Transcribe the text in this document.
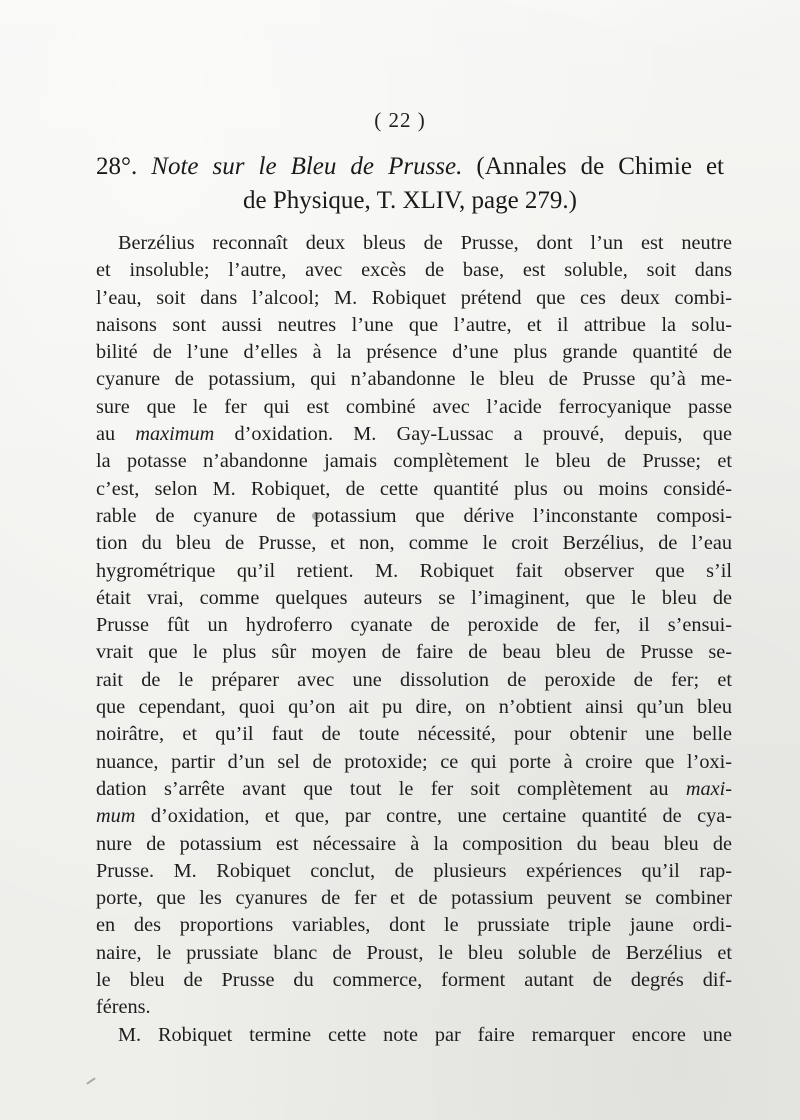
( 22 )
28°. Note sur le Bleu de Prusse. (Annales de Chimie et
de Physique, T. XLIV, page 279.)
Berzélius reconnaît deux bleus de Prusse, dont l’un est neutre
et insoluble; l’autre, avec excès de base, est soluble, soit dans
l’eau, soit dans l’alcool; M. Robiquet prétend que ces deux combi-
naisons sont aussi neutres l’une que l’autre, et il attribue la solu-
bilité de l’une d’elles à la présence d’une plus grande quantité de
cyanure de potassium, qui n’abandonne le bleu de Prusse qu’à me-
sure que le fer qui est combiné avec l’acide ferrocyanique passe
au maximum d’oxidation. M. Gay-Lussac a prouvé, depuis, que
la potasse n’abandonne jamais complètement le bleu de Prusse; et
c’est, selon M. Robiquet, de cette quantité plus ou moins considé-
rable de cyanure de potassium que dérive l’inconstante composi-
tion du bleu de Prusse, et non, comme le croit Berzélius, de l’eau
hygrométrique qu’il retient. M. Robiquet fait observer que s’il
était vrai, comme quelques auteurs se l’imaginent, que le bleu de
Prusse fût un hydroferro cyanate de peroxide de fer, il s’ensui-
vrait que le plus sûr moyen de faire de beau bleu de Prusse se-
rait de le préparer avec une dissolution de peroxide de fer; et
que cependant, quoi qu’on ait pu dire, on n’obtient ainsi qu’un bleu
noirâtre, et qu’il faut de toute nécessité, pour obtenir une belle
nuance, partir d’un sel de protoxide; ce qui porte à croire que l’oxi-
dation s’arrête avant que tout le fer soit complètement au maxi-
mum d’oxidation, et que, par contre, une certaine quantité de cya-
nure de potassium est nécessaire à la composition du beau bleu de
Prusse. M. Robiquet conclut, de plusieurs expériences qu’il rap-
porte, que les cyanures de fer et de potassium peuvent se combiner
en des proportions variables, dont le prussiate triple jaune ordi-
naire, le prussiate blanc de Proust, le bleu soluble de Berzélius et
le bleu de Prusse du commerce, forment autant de degrés dif-
férens.
M. Robiquet termine cette note par faire remarquer encore une
